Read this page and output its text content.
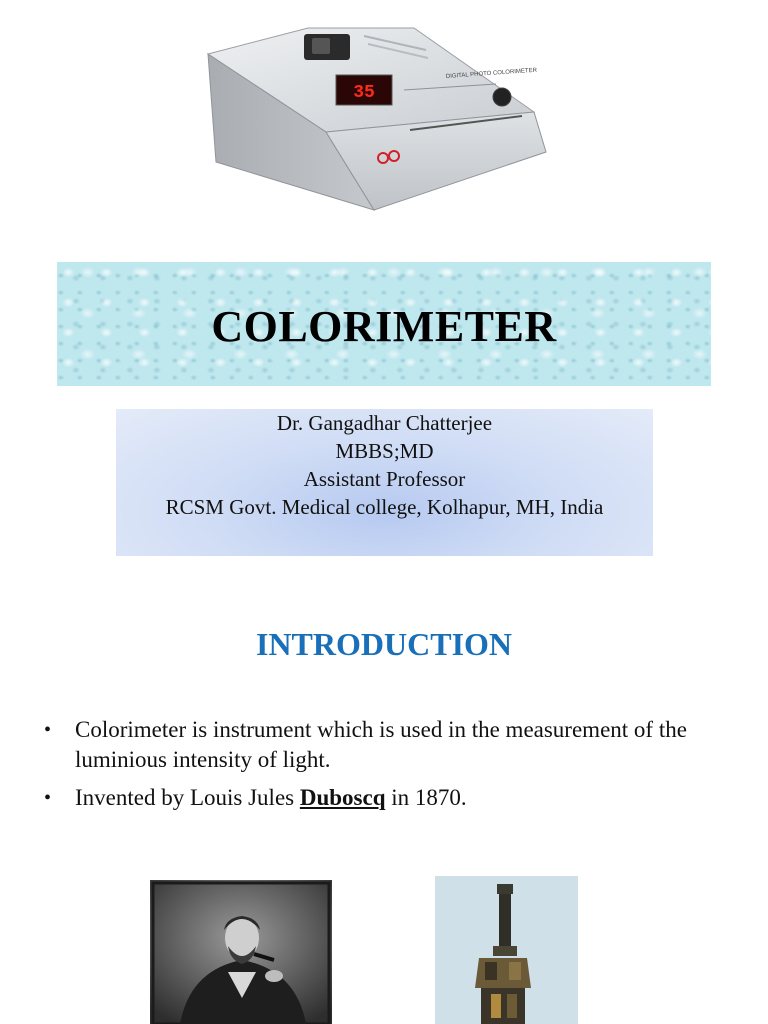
35
DIGITAL PHOTO COLORIMETER
COLORIMETER
Dr. Gangadhar Chatterjee
MBBS;MD
Assistant Professor
RCSM Govt. Medical college, Kolhapur, MH, India
INTRODUCTION
•	Colorimeter is instrument which is used in the measurement of the luminious intensity of light.
•	Invented by Louis Jules Duboscq in 1870.
